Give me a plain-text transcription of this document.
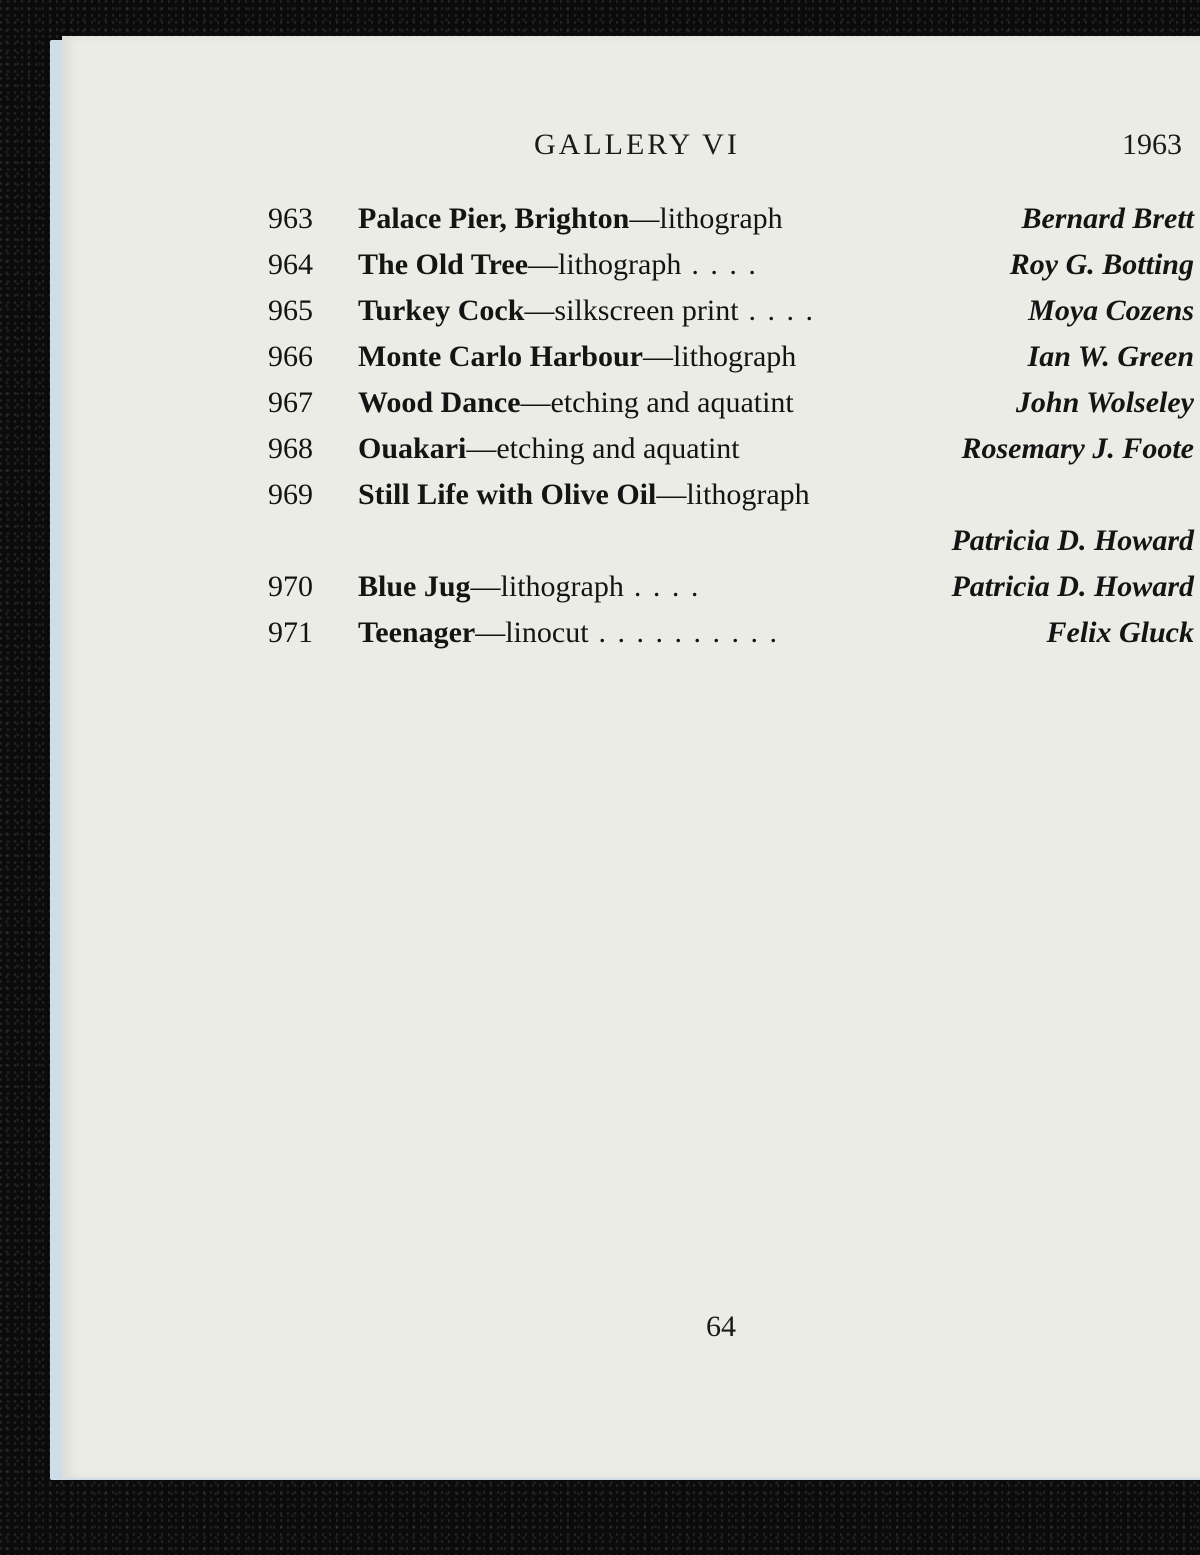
GALLERY VI	1963
963 Palace Pier, Brighton—lithograph	Bernard Brett
964 The Old Tree—lithograph . . . .	Roy G. Botting
965 Turkey Cock—silkscreen print . . . .	Moya Cozens
966 Monte Carlo Harbour—lithograph	Ian W. Green
967 Wood Dance—etching and aquatint	John Wolseley
968 Ouakari—etching and aquatint	Rosemary J. Foote
969 Still Life with Olive Oil—lithograph
Patricia D. Howard
970 Blue Jug—lithograph . . . .	Patricia D. Howard
971 Teenager—linocut . . . . . . . . . .	Felix Gluck
64
